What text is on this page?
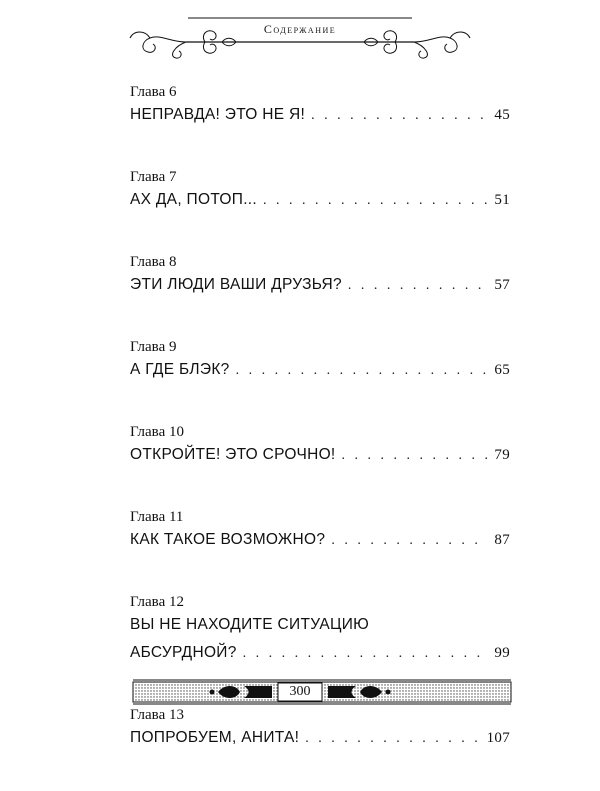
Содержание
Глава 6
НЕПРАВДА! ЭТО НЕ Я! . . .	45
Глава 7
АХ ДА, ПОТОП... . . .	51
Глава 8
ЭТИ ЛЮДИ ВАШИ ДРУЗЬЯ? . . .	57
Глава 9
А ГДЕ БЛЭК? . . .	65
Глава 10
ОТКРОЙТЕ! ЭТО СРОЧНО! . . .	79
Глава 11
КАК ТАКОЕ ВОЗМОЖНО? . . .	87
Глава 12
ВЫ НЕ НАХОДИТЕ СИТУАЦИЮ
АБСУРДНОЙ? . . .	99
Глава 13
ПОПРОБУЕМ, АНИТА! . . .	107
300
